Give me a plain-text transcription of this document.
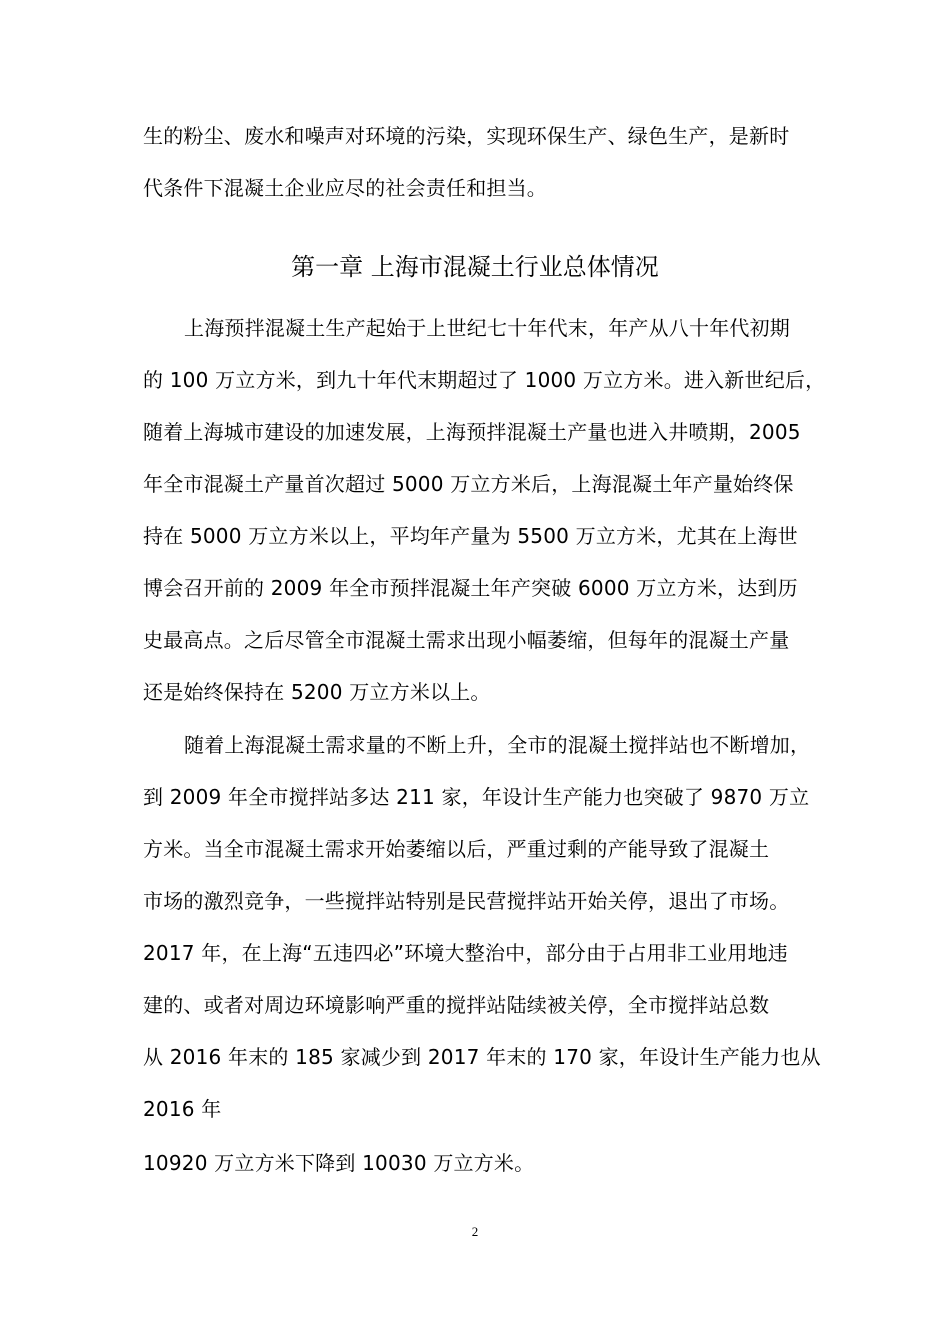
生的粉尘、废水和噪声对环境的污染，实现环保生产、绿色生产，是新时
代条件下混凝土企业应尽的社会责任和担当。
第一章 上海市混凝土行业总体情况
上海预拌混凝土生产起始于上世纪七十年代末，年产从八十年代初期
的 100 万立方米，到九十年代末期超过了 1000 万立方米。进入新世纪后，
随着上海城市建设的加速发展，上海预拌混凝土产量也进入井喷期，2005
年全市混凝土产量首次超过 5000 万立方米后，上海混凝土年产量始终保
持在 5000 万立方米以上，平均年产量为 5500 万立方米，尤其在上海世
博会召开前的 2009 年全市预拌混凝土年产突破 6000 万立方米，达到历
史最高点。之后尽管全市混凝土需求出现小幅萎缩，但每年的混凝土产量
还是始终保持在 5200 万立方米以上。
随着上海混凝土需求量的不断上升，全市的混凝土搅拌站也不断增加，
到 2009 年全市搅拌站多达 211 家，年设计生产能力也突破了 9870 万立
方米。当全市混凝土需求开始萎缩以后，严重过剩的产能导致了混凝土
市场的激烈竞争，一些搅拌站特别是民营搅拌站开始关停，退出了市场。
2017 年，在上海“五违四必”环境大整治中，部分由于占用非工业用地违
建的、或者对周边环境影响严重的搅拌站陆续被关停，全市搅拌站总数
从 2016 年末的 185 家减少到 2017 年末的 170 家，年设计生产能力也从
2016 年
10920 万立方米下降到 10030 万立方米。
2
